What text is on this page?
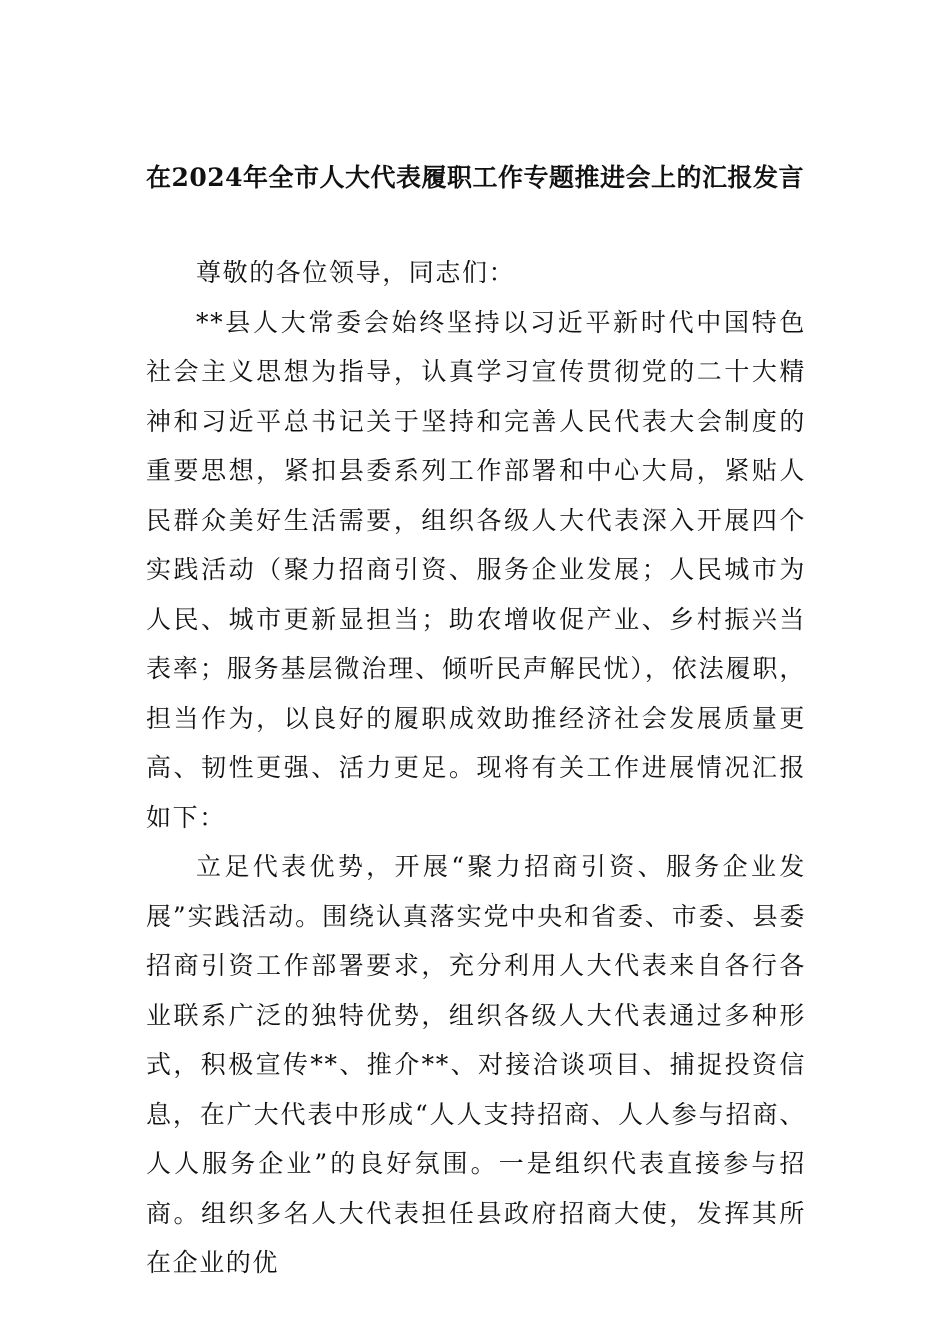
在2024年全市人大代表履职工作专题推进会上的汇报发言

尊敬的各位领导，同志们：

**县人大常委会始终坚持以习近平新时代中国特色社会主义思想为指导，认真学习宣传贯彻党的二十大精神和习近平总书记关于坚持和完善人民代表大会制度的重要思想，紧扣县委系列工作部署和中心大局，紧贴人民群众美好生活需要，组织各级人大代表深入开展四个实践活动（聚力招商引资、服务企业发展；人民城市为人民、城市更新显担当；助农增收促产业、乡村振兴当表率；服务基层微治理、倾听民声解民忧），依法履职，担当作为，以良好的履职成效助推经济社会发展质量更高、韧性更强、活力更足。现将有关工作进展情况汇报如下：

立足代表优势，开展“聚力招商引资、服务企业发展”实践活动。围绕认真落实党中央和省委、市委、县委招商引资工作部署要求，充分利用人大代表来自各行各业联系广泛的独特优势，组织各级人大代表通过多种形式，积极宣传**、推介**、对接洽谈项目、捕捉投资信息，在广大代表中形成“人人支持招商、人人参与招商、人人服务企业”的良好氛围。一是组织代表直接参与招商。组织多名人大代表担任县政府招商大使，发挥其所在企业的优
